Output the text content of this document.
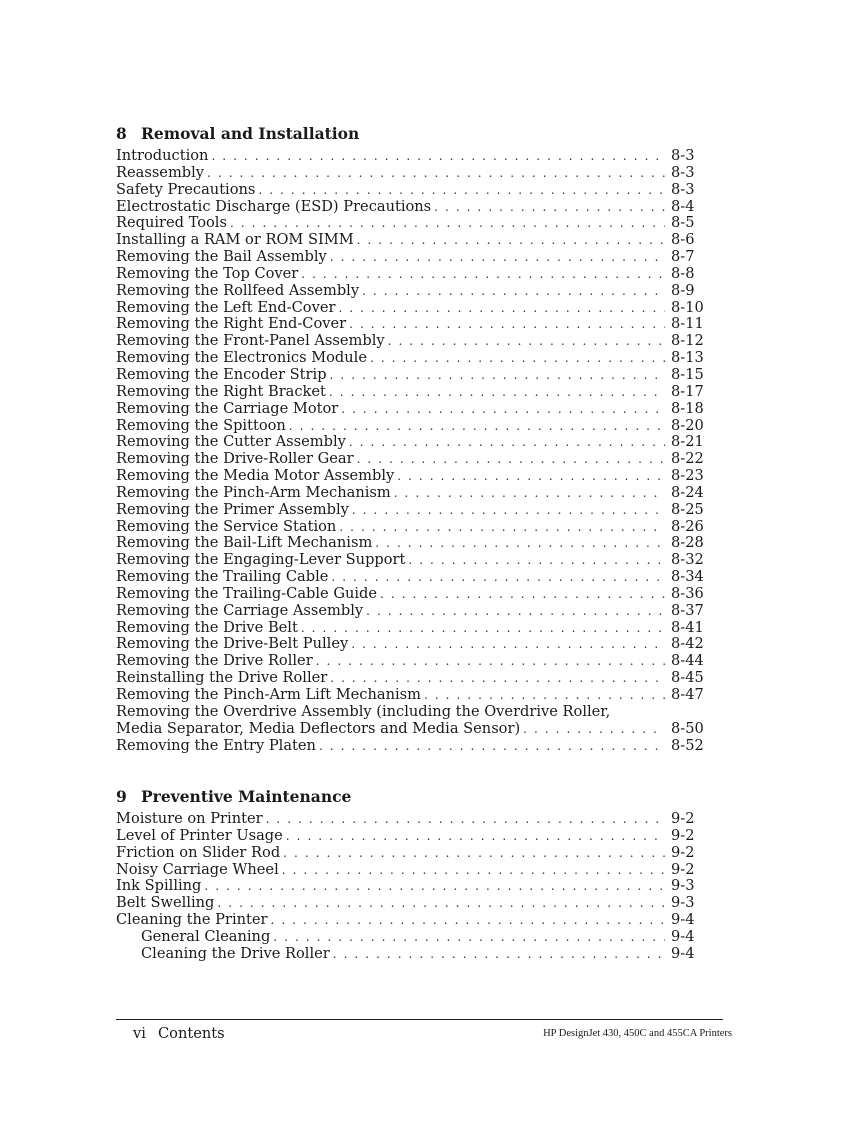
8 Removal and Installation
Introduction . . .	8-3
Reassembly . . .	8-3
Safety Precautions . . .	8-3
Electrostatic Discharge (ESD) Precautions . . .	8-4
Required Tools . . .	8-5
Installing a RAM or ROM SIMM . . .	8-6
Removing the Bail Assembly . . .	8-7
Removing the Top Cover . . .	8-8
Removing the Rollfeed Assembly . . .	8-9
Removing the Left End-Cover . . .	8-10
Removing the Right End-Cover . . .	8-11
Removing the Front-Panel Assembly . . .	8-12
Removing the Electronics Module . . .	8-13
Removing the Encoder Strip . . .	8-15
Removing the Right Bracket . . .	8-17
Removing the Carriage Motor . . .	8-18
Removing the Spittoon . . .	8-20
Removing the Cutter Assembly . . .	8-21
Removing the Drive-Roller Gear . . .	8-22
Removing the Media Motor Assembly . . .	8-23
Removing the Pinch-Arm Mechanism . . .	8-24
Removing the Primer Assembly . . .	8-25
Removing the Service Station . . .	8-26
Removing the Bail-Lift Mechanism . . .	8-28
Removing the Engaging-Lever Support . . .	8-32
Removing the Trailing Cable . . .	8-34
Removing the Trailing-Cable Guide . . .	8-36
Removing the Carriage Assembly . . .	8-37
Removing the Drive Belt . . .	8-41
Removing the Drive-Belt Pulley . . .	8-42
Removing the Drive Roller . . .	8-44
Reinstalling the Drive Roller . . .	8-45
Removing the Pinch-Arm Lift Mechanism . . .	8-47
Removing the Overdrive Assembly (including the Overdrive Roller,
Media Separator, Media Deflectors and Media Sensor) . . .	8-50
Removing the Entry Platen . . .	8-52
9 Preventive Maintenance
Moisture on Printer . . .	9-2
Level of Printer Usage . . .	9-2
Friction on Slider Rod . . .	9-2
Noisy Carriage Wheel . . .	9-2
Ink Spilling . . .	9-3
Belt Swelling . . .	9-3
Cleaning the Printer . . .	9-4
General Cleaning . . .	9-4
Cleaning the Drive Roller . . .	9-4
vi Contents	HP DesignJet 430, 450C and 455CA Printers
